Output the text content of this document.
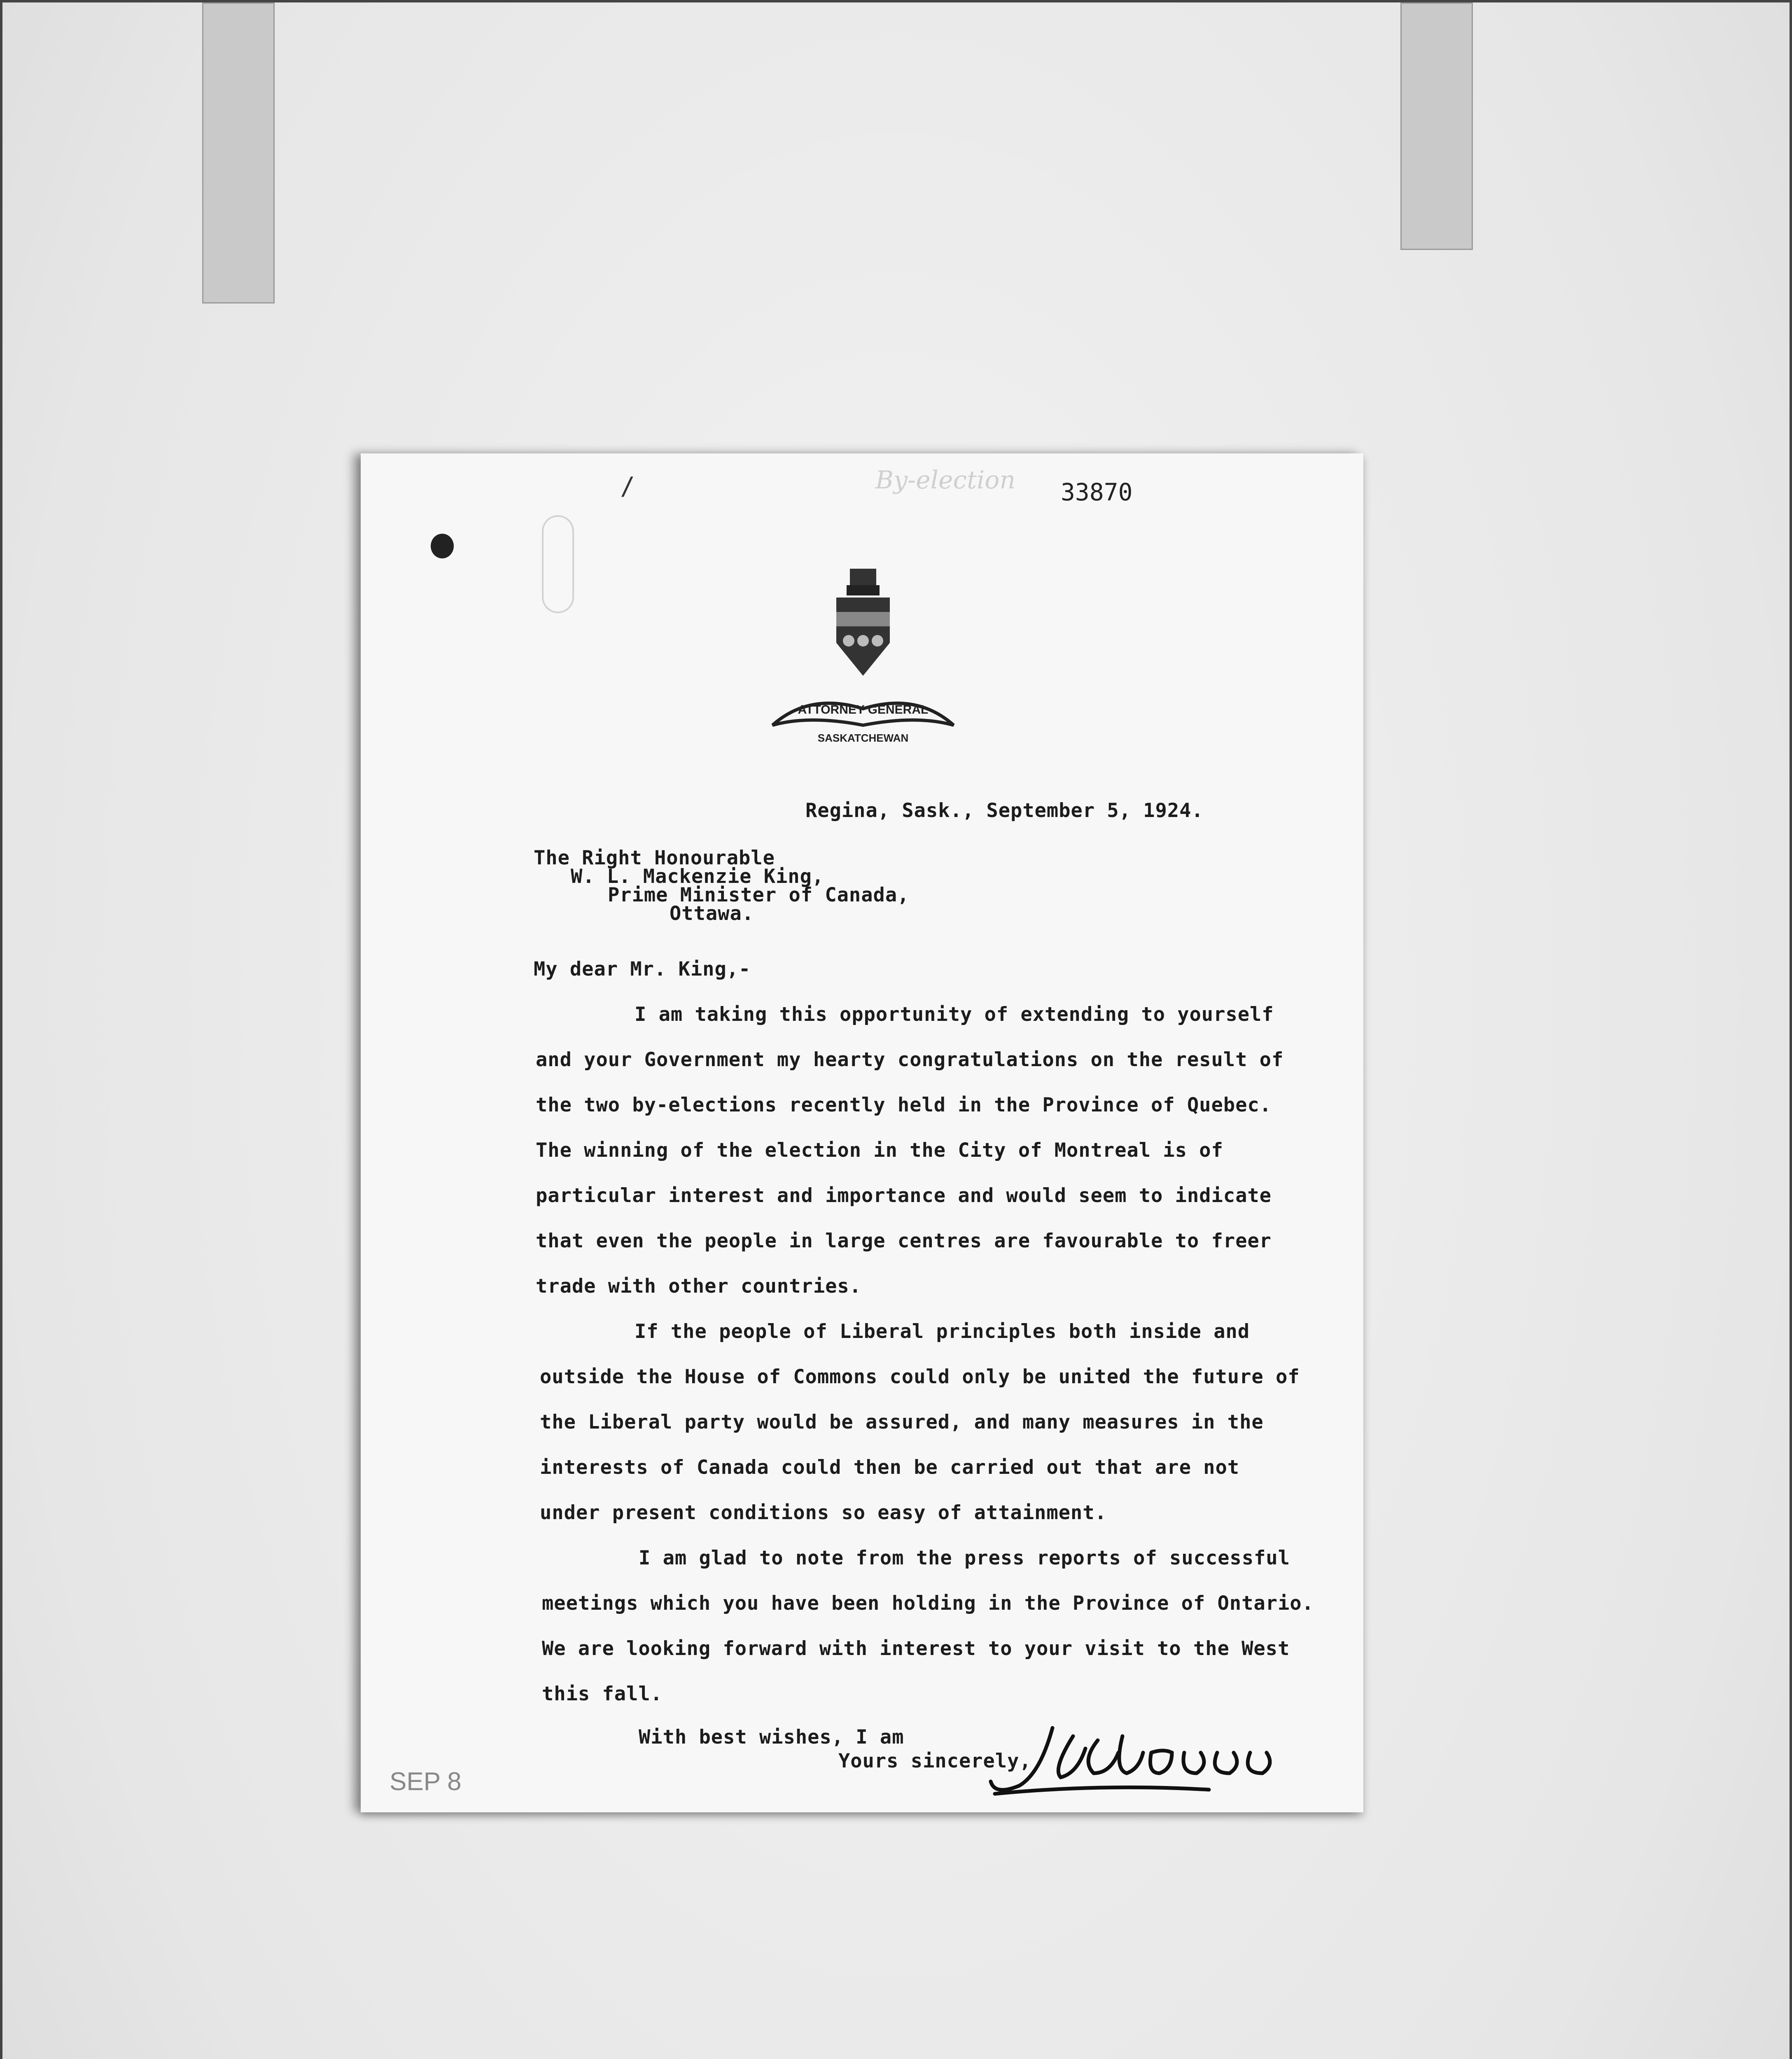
/	By-election 33870
ATTORNEY GENERAL
SASKATCHEWAN
Regina, Sask., September 5, 1924.
The Right Honourable
W. L. Mackenzie King,
Prime Minister of Canada,
Ottawa.
My dear Mr. King,-
I am taking this opportunity of extending to yourself
and your Government my hearty congratulations on the result of
the two by-elections recently held in the Province of Quebec.
The winning of the election in the City of Montreal is of
particular interest and importance and would seem to indicate
that even the people in large centres are favourable to freer
trade with other countries.
If the people of Liberal principles both inside and
outside the House of Commons could only be united the future of
the Liberal party would be assured, and many measures in the
interests of Canada could then be carried out that are not
under present conditions so easy of attainment.
I am glad to note from the press reports of successful
meetings which you have been holding in the Province of Ontario.
We are looking forward with interest to your visit to the West
this fall.
With best wishes, I am
Yours sincerely,
SEP 8
